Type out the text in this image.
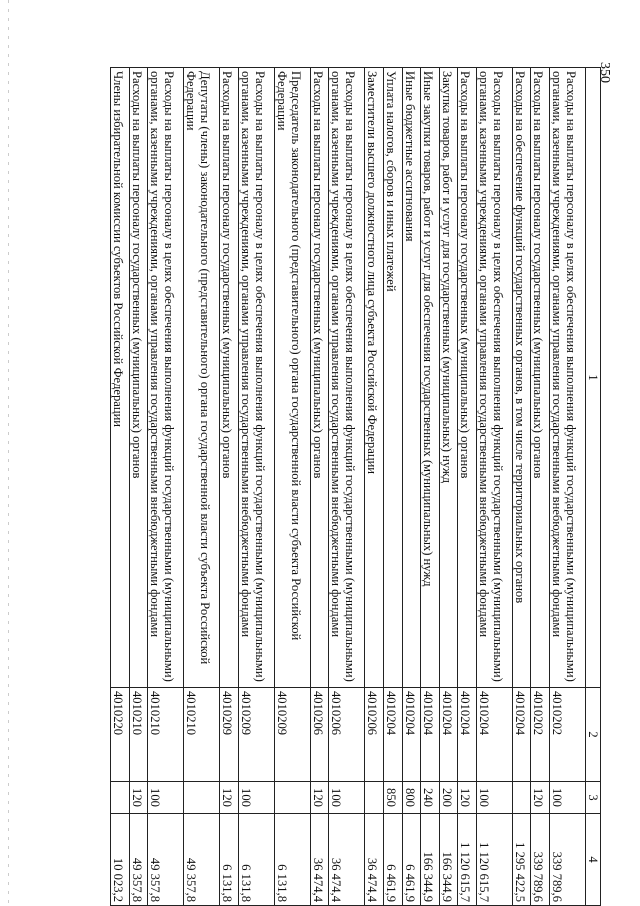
350
1	2	3	4
Расходы на выплаты персоналу в целях обеспечения выполнения функций государственными (муниципальными) органами, казенными учреждениями, органами управления государственными внебюджетными фондами	4010202	100	339 789,6
Расходы на выплаты персоналу государственных (муниципальных) органов	4010202	120	339 789,6
Расходы на обеспечение функций государственных органов, в том числе территориальных органов	4010204		1 295 422,5
Расходы на выплаты персоналу в целях обеспечения выполнения функций государственными (муниципальными) органами, казенными учреждениями, органами управления государственными внебюджетными фондами	4010204	100	1 120 615,7
Расходы на выплаты персоналу государственных (муниципальных) органов	4010204	120	1 120 615,7
Закупка товаров, работ и услуг для государственных (муниципальных) нужд	4010204	200	166 344,9
Иные закупки товаров, работ и услуг для обеспечения государственных (муниципальных) нужд	4010204	240	166 344,9
Иные бюджетные ассигнования	4010204	800	6 461,9
Уплата налогов, сборов и иных платежей	4010204	850	6 461,9
Заместители высшего должностного лица субъекта Российской Федерации	4010206		36 474,4
Расходы на выплаты персоналу в целях обеспечения выполнения функций государственными (муниципальными) органами, казенными учреждениями, органами управления государственными внебюджетными фондами	4010206	100	36 474,4
Расходы на выплаты персоналу государственных (муниципальных) органов	4010206	120	36 474,4
Председатель законодательного (представительного) органа государственной власти субъекта Российской Федерации	4010209		6 131,8
Расходы на выплаты персоналу в целях обеспечения выполнения функций государственными (муниципальными) органами, казенными учреждениями, органами управления государственными внебюджетными фондами	4010209	100	6 131,8
Расходы на выплаты персоналу государственных (муниципальных) органов	4010209	120	6 131,8
Депутаты (члены) законодательного (представительного) органа государственной власти субъекта Российской Федерации	4010210		49 357,8
Расходы на выплаты персоналу в целях обеспечения выполнения функций государственными (муниципальными) органами, казенными учреждениями, органами управления государственными внебюджетными фондами	4010210	100	49 357,8
Расходы на выплаты персоналу государственных (муниципальных) органов	4010210	120	49 357,8
Члены избирательной комиссии субъектов Российской Федерации	4010220		10 023,2
